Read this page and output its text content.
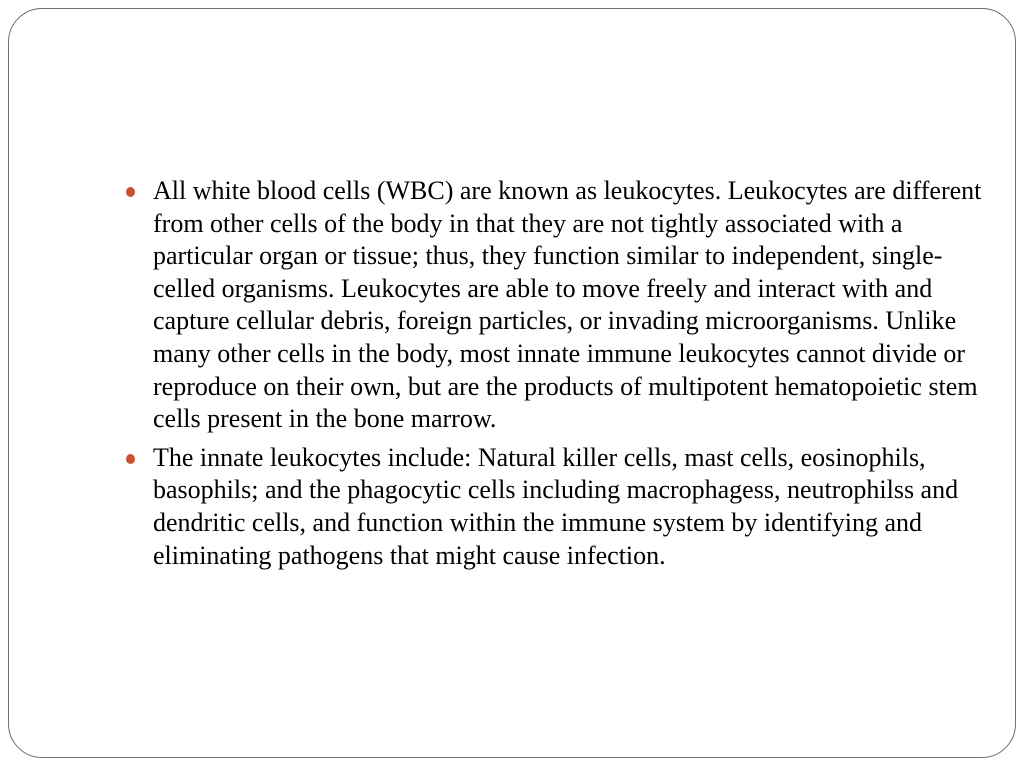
All white blood cells (WBC) are known as leukocytes. Leukocytes are different from other cells of the body in that they are not tightly associated with a particular organ or tissue; thus, they function similar to independent, single-celled organisms. Leukocytes are able to move freely and interact with and capture cellular debris, foreign particles, or invading microorganisms. Unlike many other cells in the body, most innate immune leukocytes cannot divide or reproduce on their own, but are the products of multipotent hematopoietic stem cells present in the bone marrow.
The innate leukocytes include: Natural killer cells, mast cells, eosinophils, basophils; and the phagocytic cells including macrophagess, neutrophilss and dendritic cells, and function within the immune system by identifying and eliminating pathogens that might cause infection.
